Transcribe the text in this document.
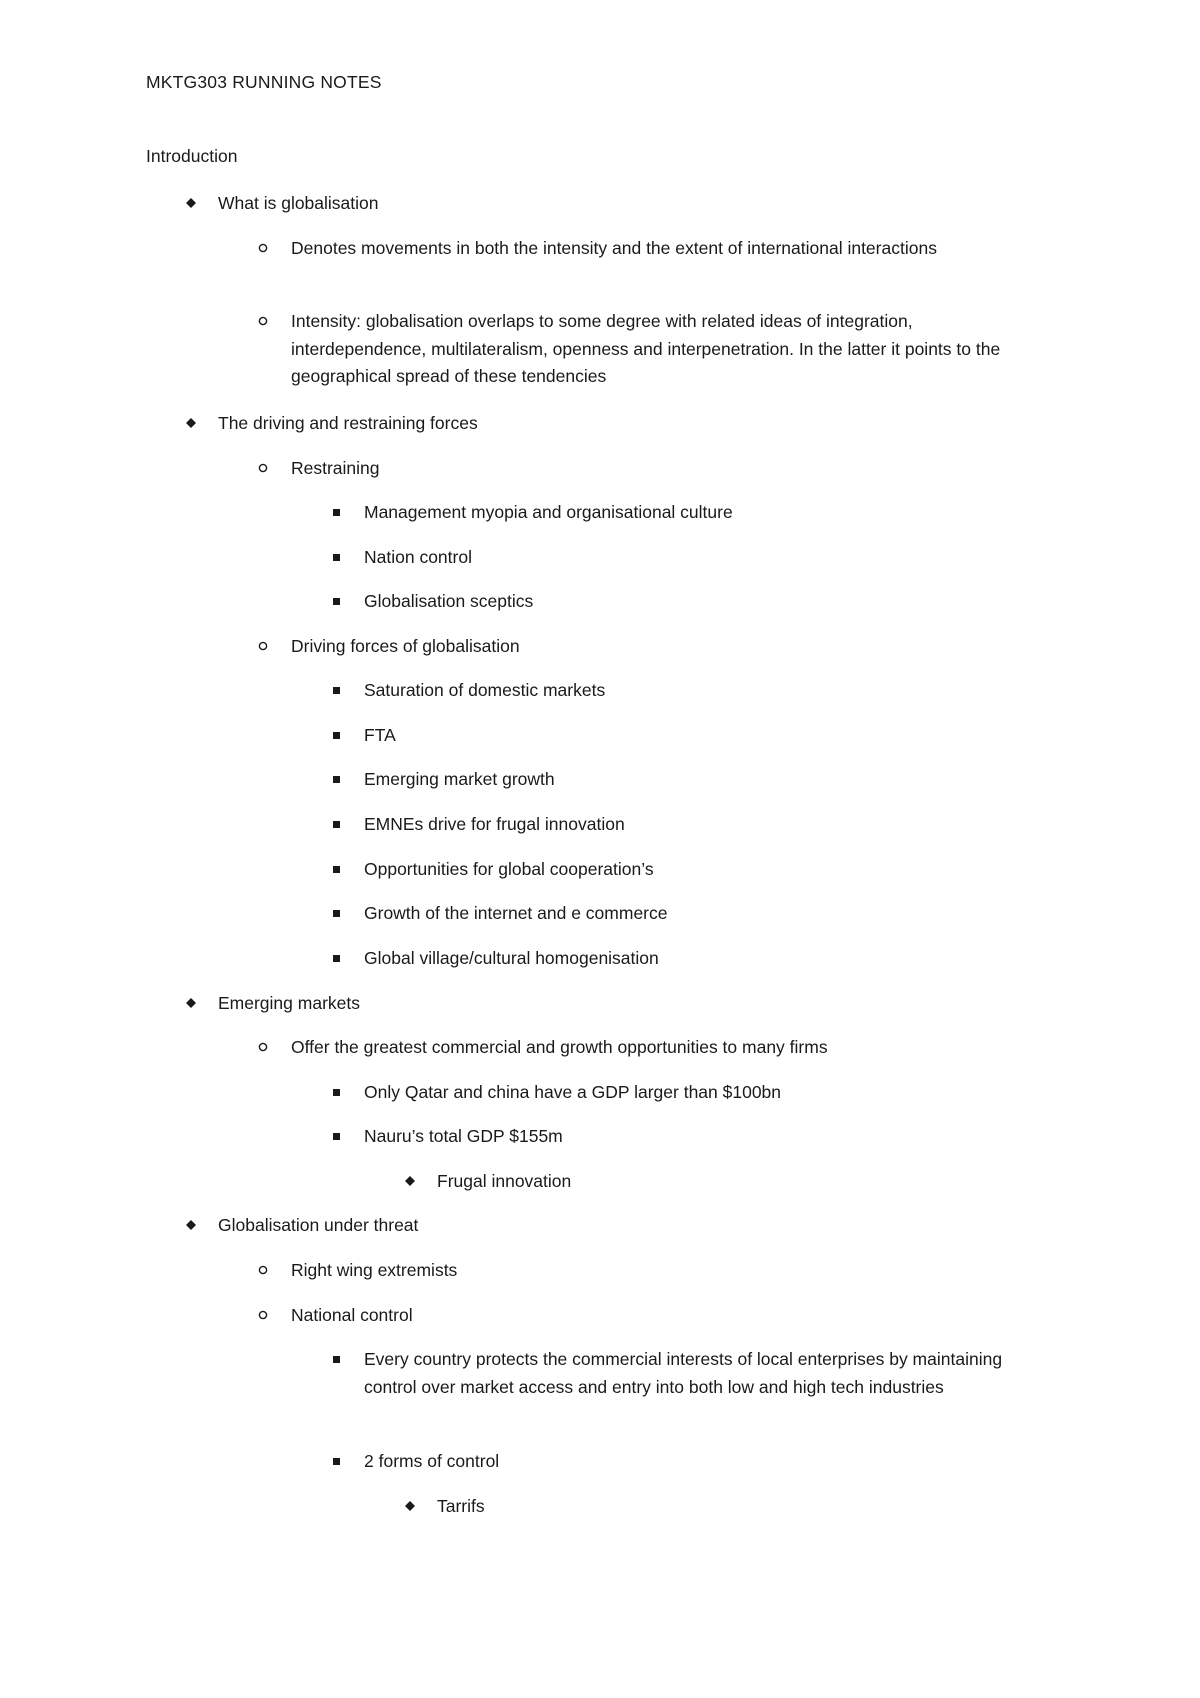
MKTG303 RUNNING NOTES
Introduction
What is globalisation
Denotes movements in both the intensity and the extent of international interactions
Intensity: globalisation overlaps to some degree with related ideas of integration, interdependence, multilateralism, openness and interpenetration. In the latter it points to the geographical spread of these tendencies
The driving and restraining forces
Restraining
Management myopia and organisational culture
Nation control
Globalisation sceptics
Driving forces of globalisation
Saturation of domestic markets
FTA
Emerging market growth
EMNEs drive for frugal innovation
Opportunities for global cooperation’s
Growth of the internet and e commerce
Global village/cultural homogenisation
Emerging markets
Offer the greatest commercial and growth opportunities to many firms
Only Qatar and china have a GDP larger than $100bn
Nauru’s total GDP $155m
Frugal innovation
Globalisation under threat
Right wing extremists
National control
Every country protects the commercial interests of local enterprises by maintaining control over market access and entry into both low and high tech industries
2 forms of control
Tarrifs
